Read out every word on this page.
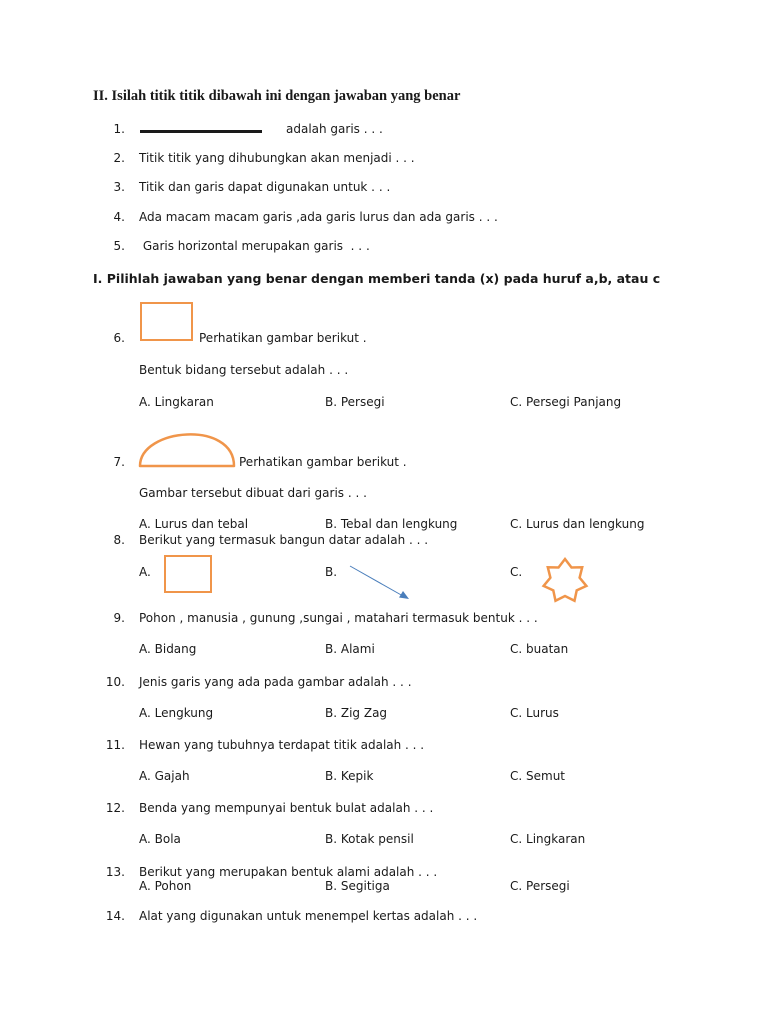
II. Isilah titik titik dibawah ini dengan jawaban yang benar
1.	adalah garis . . .
2. Titik titik yang dihubungkan akan menjadi . . .
3. Titik dan garis dapat digunakan untuk . . .
4. Ada macam macam garis ,ada garis lurus dan ada garis . . .
5. Garis horizontal merupakan garis  . . .
I. Pilihlah jawaban yang benar dengan memberi tanda (x) pada huruf a,b, atau c
6.	Perhatikan gambar berikut .
Bentuk bidang tersebut adalah . . .
A. Lingkaran	B. Persegi	C. Persegi Panjang
7.	Perhatikan gambar berikut .
Gambar tersebut dibuat dari garis . . .
A. Lurus dan tebal	B. Tebal dan lengkung	C. Lurus dan lengkung
8. Berikut yang termasuk bangun datar adalah . . .
A.	B.	C.
9. Pohon , manusia , gunung ,sungai , matahari termasuk bentuk . . .
A. Bidang	B. Alami	C. buatan
10. Jenis garis yang ada pada gambar adalah . . .
A. Lengkung	B. Zig Zag	C. Lurus
11. Hewan yang tubuhnya terdapat titik adalah . . .
A. Gajah	B. Kepik	C. Semut
12. Benda yang mempunyai bentuk bulat adalah . . .
A. Bola	B. Kotak pensil	C. Lingkaran
13. Berikut yang merupakan bentuk alami adalah . . .
A. Pohon	B. Segitiga	C. Persegi
14. Alat yang digunakan untuk menempel kertas adalah . . .
